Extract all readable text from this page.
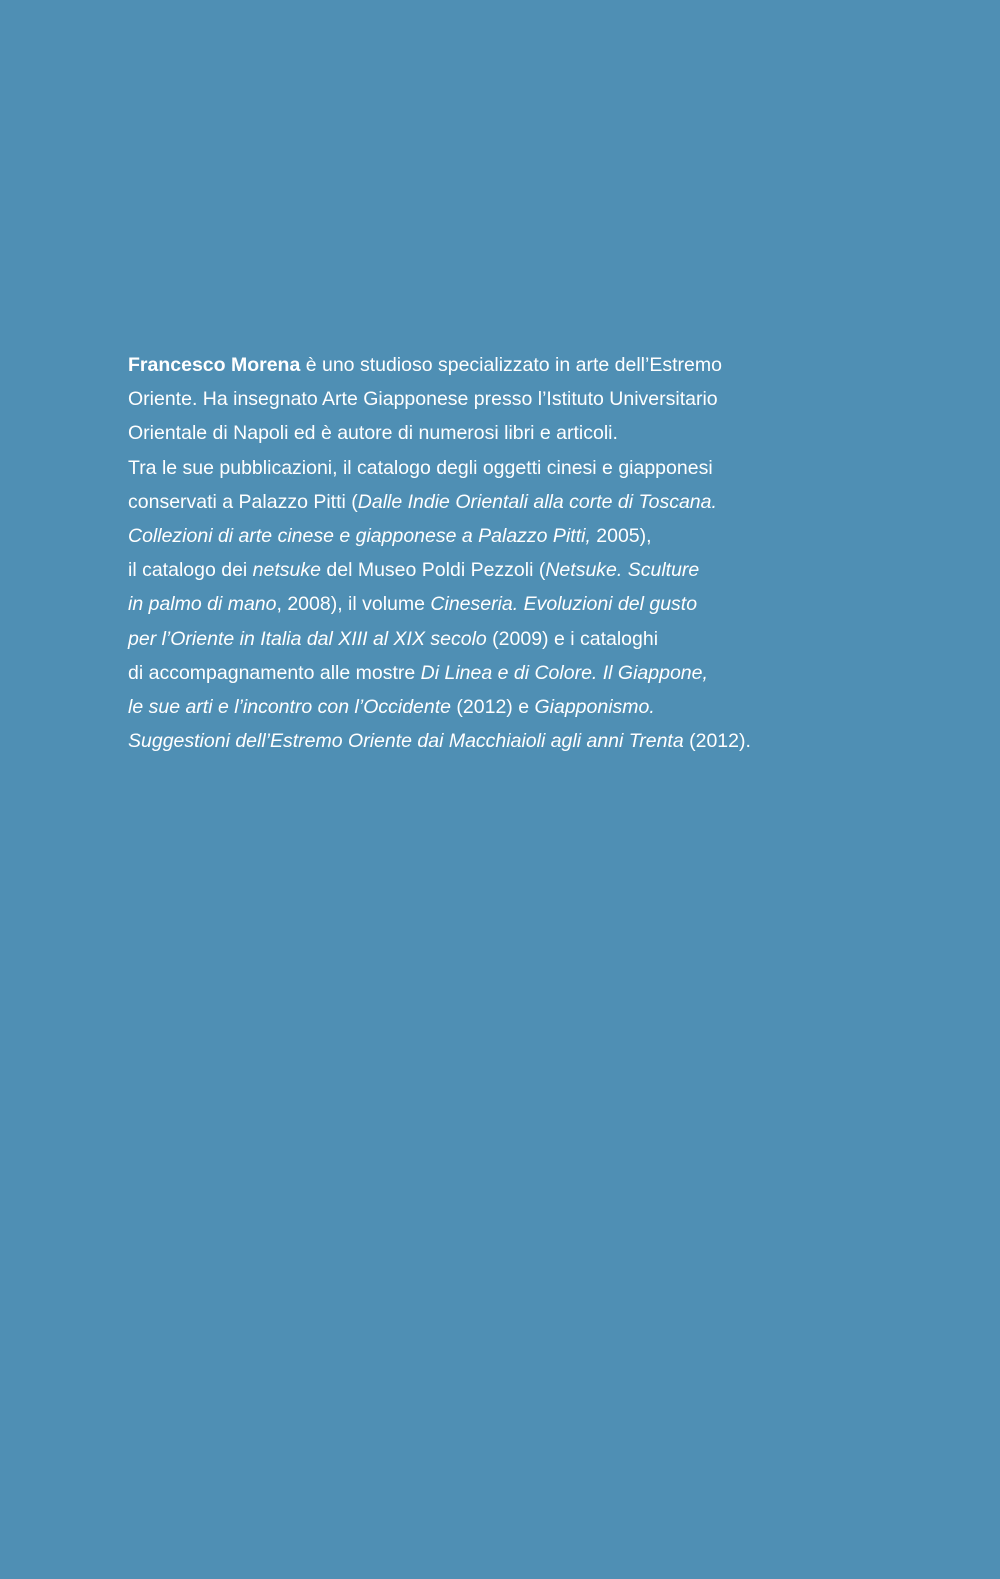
Francesco Morena è uno studioso specializzato in arte dell’Estremo
Oriente. Ha insegnato Arte Giapponese presso l’Istituto Universitario
Orientale di Napoli ed è autore di numerosi libri e articoli.
Tra le sue pubblicazioni, il catalogo degli oggetti cinesi e giapponesi
conservati a Palazzo Pitti (Dalle Indie Orientali alla corte di Toscana.
Collezioni di arte cinese e giapponese a Palazzo Pitti, 2005),
il catalogo dei netsuke del Museo Poldi Pezzoli (Netsuke. Sculture
in palmo di mano, 2008), il volume Cineseria. Evoluzioni del gusto
per l’Oriente in Italia dal XIII al XIX secolo (2009) e i cataloghi
di accompagnamento alle mostre Di Linea e di Colore. Il Giappone,
le sue arti e l’incontro con l’Occidente (2012) e Giapponismo.
Suggestioni dell’Estremo Oriente dai Macchiaioli agli anni Trenta (2012).
